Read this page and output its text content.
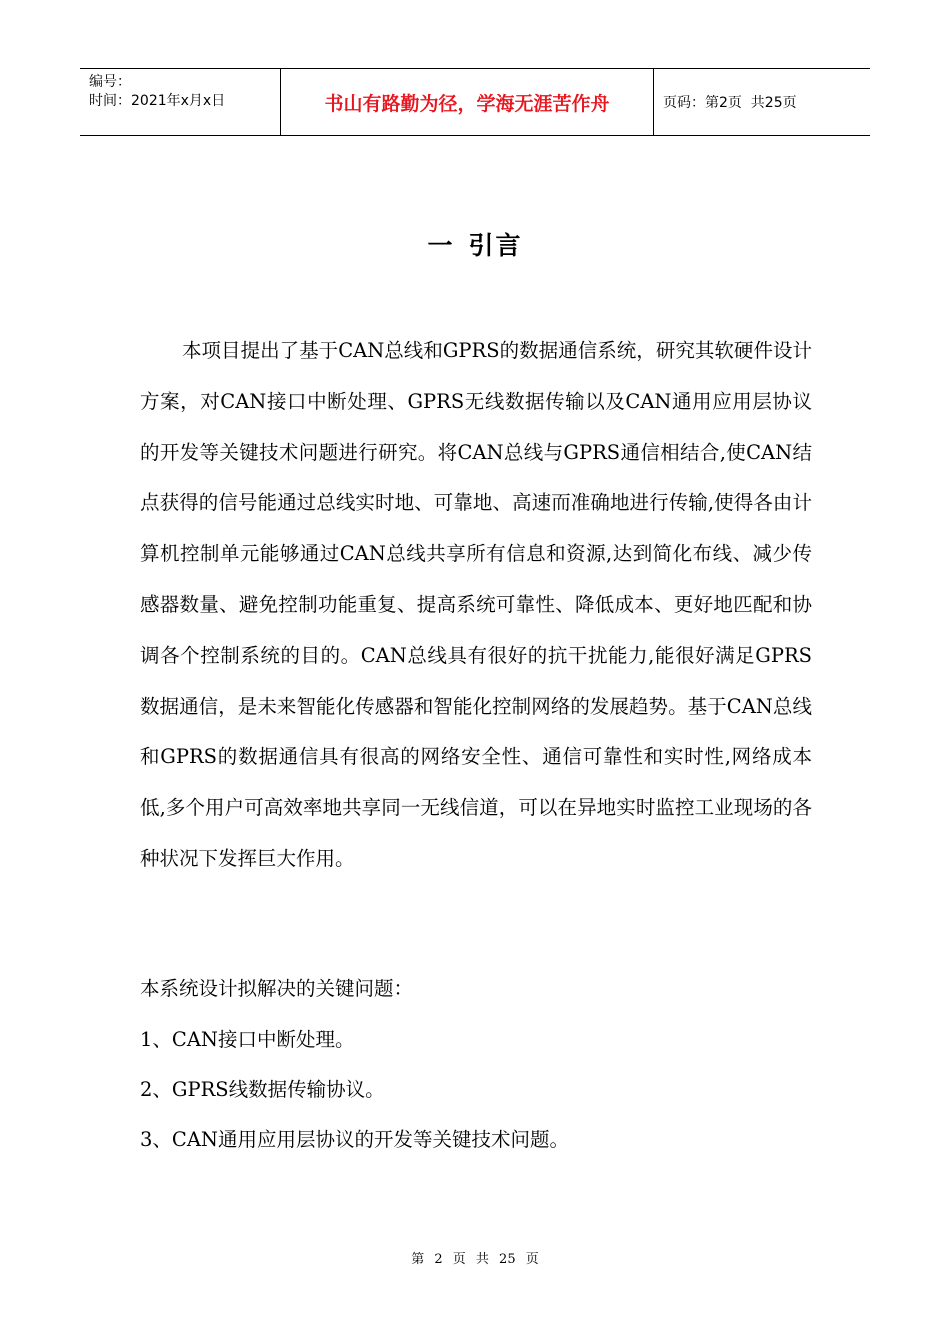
编号：
时间：2021年x月x日	书山有路勤为径，学海无涯苦作舟	页码：第2页  共25页
一 引言

本项目提出了基于CAN总线和GPRS的数据通信系统，研究其软硬件设计方案，对CAN接口中断处理、GPRS无线数据传输以及CAN通用应用层协议的开发等关键技术问题进行研究。将CAN总线与GPRS通信相结合,使CAN结点获得的信号能通过总线实时地、可靠地、高速而准确地进行传输,使得各由计算机控制单元能够通过CAN总线共享所有信息和资源,达到简化布线、减少传感器数量、避免控制功能重复、提高系统可靠性、降低成本、更好地匹配和协调各个控制系统的目的。CAN总线具有很好的抗干扰能力,能很好满足GPRS数据通信，是未来智能化传感器和智能化控制网络的发展趋势。基于CAN总线和GPRS的数据通信具有很高的网络安全性、通信可靠性和实时性,网络成本低,多个用户可高效率地共享同一无线信道，可以在异地实时监控工业现场的各种状况下发挥巨大作用。

本系统设计拟解决的关键问题：

1、CAN接口中断处理。

2、GPRS线数据传输协议。

3、CAN通用应用层协议的开发等关键技术问题。

第 2 页 共 25 页
